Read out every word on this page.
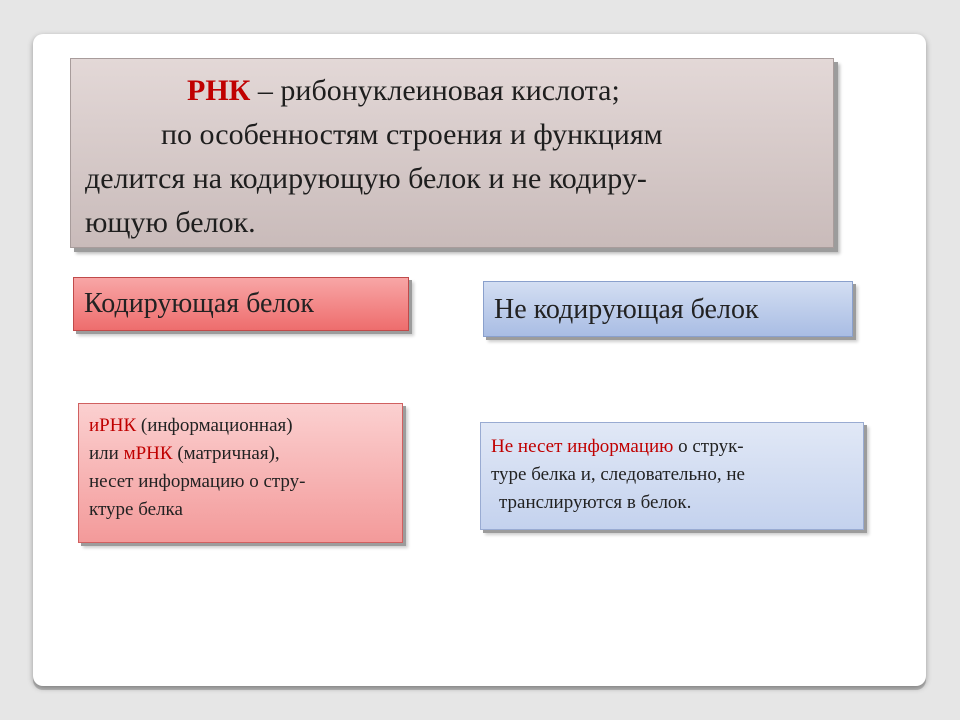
РНК – рибонуклеиновая кислота;
по особенностям строения и функциям
делится на кодирующую белок и не кодиру-
ющую белок.
Кодирующая белок	Не кодирующая белок
иРНК (информационная)
или мРНК (матричная),
несет информацию о стру-
ктуре белка
Не несет информацию о струк-
туре белка и, следовательно, не
транслируются в белок.
